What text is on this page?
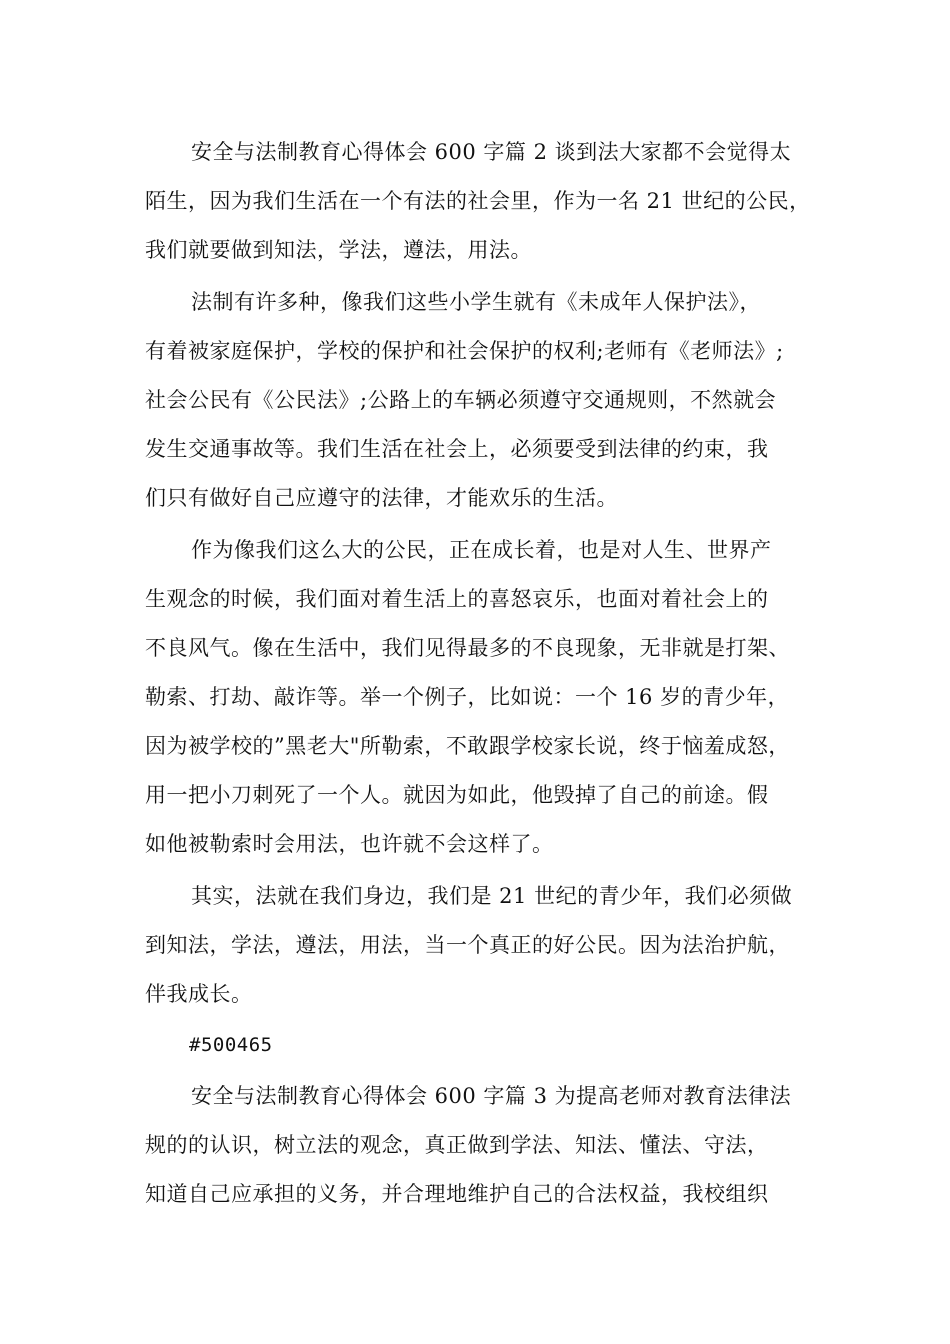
安全与法制教育心得体会 600 字篇 2 谈到法大家都不会觉得太
陌生，因为我们生活在一个有法的社会里，作为一名 21 世纪的公民，
我们就要做到知法，学法，遵法，用法。
法制有许多种，像我们这些小学生就有《未成年人保护法》，
有着被家庭保护，学校的保护和社会保护的权利;老师有《老师法》;
社会公民有《公民法》;公路上的车辆必须遵守交通规则，不然就会
发生交通事故等。我们生活在社会上，必须要受到法律的约束，我
们只有做好自己应遵守的法律，才能欢乐的生活。
作为像我们这么大的公民，正在成长着，也是对人生、世界产
生观念的时候，我们面对着生活上的喜怒哀乐，也面对着社会上的
不良风气。像在生活中，我们见得最多的不良现象，无非就是打架、
勒索、打劫、敲诈等。举一个例子，比如说：一个 16 岁的青少年，
因为被学校的”黑老大"所勒索，不敢跟学校家长说，终于恼羞成怒，
用一把小刀刺死了一个人。就因为如此，他毁掉了自己的前途。假
如他被勒索时会用法，也许就不会这样了。
其实，法就在我们身边，我们是 21 世纪的青少年，我们必须做
到知法，学法，遵法，用法，当一个真正的好公民。因为法治护航，
伴我成长。
#500465
安全与法制教育心得体会 600 字篇 3 为提高老师对教育法律法
规的的认识，树立法的观念，真正做到学法、知法、懂法、守法，
知道自己应承担的义务，并合理地维护自己的合法权益，我校组织
